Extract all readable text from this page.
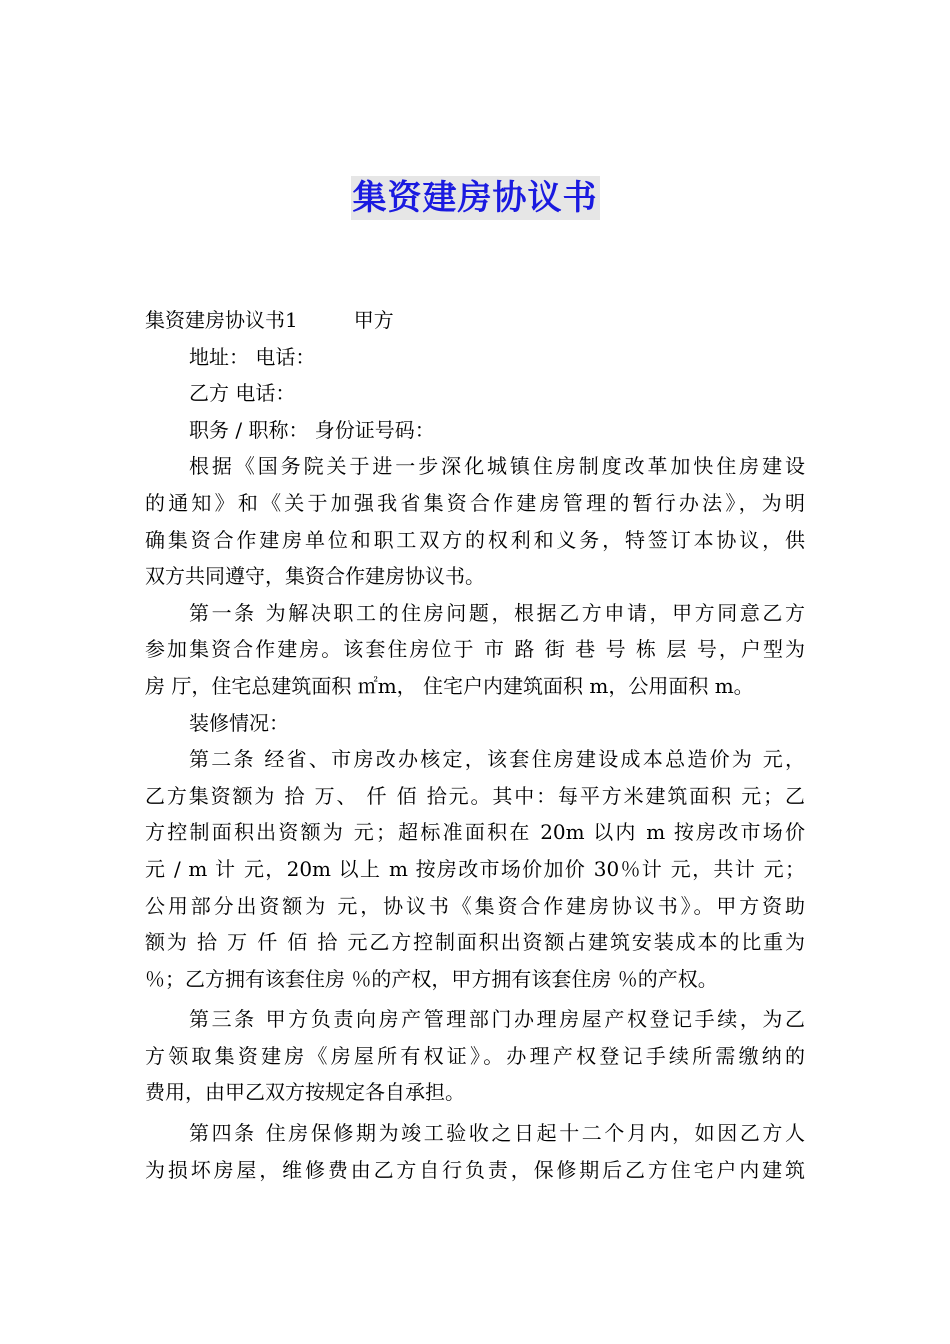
集资建房协议书
集资建房协议书1	甲方
地址： 电话：
乙方 电话：
职务 / 职称： 身份证号码：
根据《国务院关于进一步深化城镇住房制度改革加快住房建设
的通知》和《关于加强我省集资合作建房管理的暂行办法》，为明
确集资合作建房单位和职工双方的权利和义务，特签订本协议，供
双方共同遵守，集资合作建房协议书。
第一条 为解决职工的住房问题，根据乙方申请，甲方同意乙方
参加集资合作建房。该套住房位于 市 路 街 巷 号 栋 层 号，户型为
房 厅，住宅总建筑面积 ㎡m， 住宅户内建筑面积 m，公用面积 m。
装修情况：
第二条 经省、市房改办核定，该套住房建设成本总造价为 元，
乙方集资额为 拾 万、 仟 佰 拾元。其中：每平方米建筑面积 元；乙
方控制面积出资额为 元；超标准面积在 20m 以内 m 按房改市场价
元 / m 计 元，20m 以上 m 按房改市场价加价 30％计 元，共计 元；
公用部分出资额为 元，协议书《集资合作建房协议书》。甲方资助
额为 拾 万 仟 佰 拾 元乙方控制面积出资额占建筑安装成本的比重为
％；乙方拥有该套住房 ％的产权，甲方拥有该套住房 ％的产权。
第三条 甲方负责向房产管理部门办理房屋产权登记手续，为乙
方领取集资建房《房屋所有权证》。办理产权登记手续所需缴纳的
费用，由甲乙双方按规定各自承担。
第四条 住房保修期为竣工验收之日起十二个月内，如因乙方人
为损坏房屋，维修费由乙方自行负责，保修期后乙方住宅户内建筑
